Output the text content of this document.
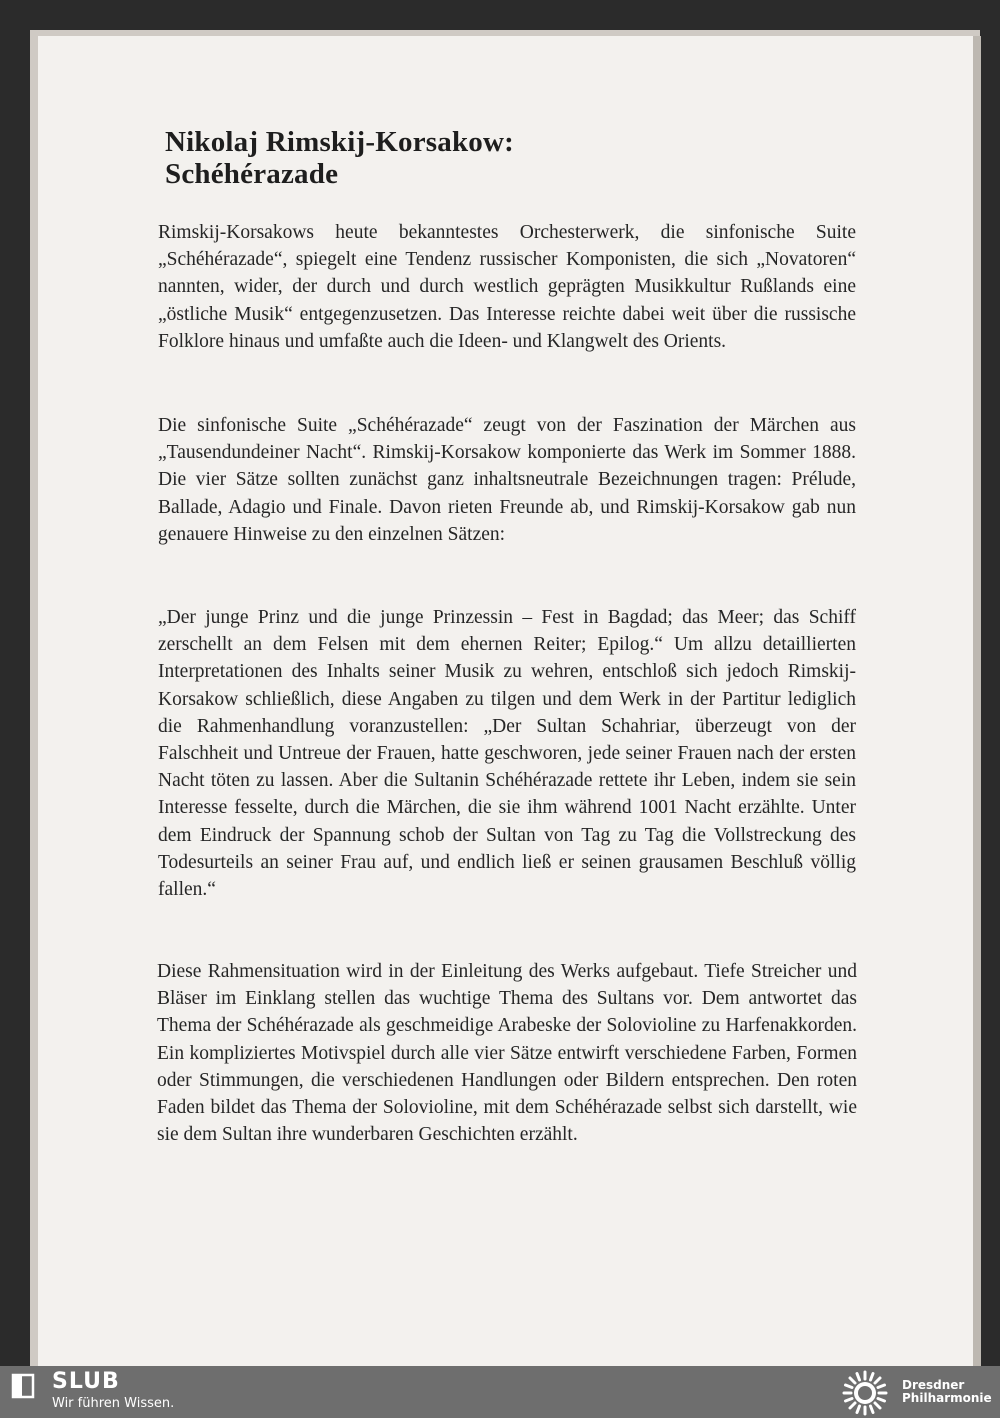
Nikolaj Rimskij-Korsakow:
Schéhérazade

Rimskij-Korsakows heute bekanntestes Orchesterwerk, die sinfonische Suite „Schéhérazade“, spiegelt eine Tendenz russischer Komponisten, die sich „Novatoren“ nannten, wider, der durch und durch westlich geprägten Musikkultur Rußlands eine „östliche Musik“ entgegenzusetzen. Das Interesse reichte dabei weit über die russische Folklore hinaus und umfaßte auch die Ideen- und Klangwelt des Orients.

Die sinfonische Suite „Schéhérazade“ zeugt von der Faszination der Märchen aus „Tausendundeiner Nacht“. Rimskij-Korsakow komponierte das Werk im Sommer 1888. Die vier Sätze sollten zunächst ganz inhaltsneutrale Bezeichnungen tragen: Prélude, Ballade, Adagio und Finale. Davon rieten Freunde ab, und Rimskij-Korsakow gab nun genauere Hinweise zu den einzelnen Sätzen:

„Der junge Prinz und die junge Prinzessin – Fest in Bagdad; das Meer; das Schiff zerschellt an dem Felsen mit dem ehernen Reiter; Epilog.“ Um allzu detaillierten Interpretationen des Inhalts seiner Musik zu wehren, entschloß sich jedoch Rimskij-Korsakow schließlich, diese Angaben zu tilgen und dem Werk in der Partitur lediglich die Rahmenhandlung voranzustellen: „Der Sultan Schahriar, überzeugt von der Falschheit und Untreue der Frauen, hatte geschworen, jede seiner Frauen nach der ersten Nacht töten zu lassen. Aber die Sultanin Schéhérazade rettete ihr Leben, indem sie sein Interesse fesselte, durch die Märchen, die sie ihm während 1001 Nacht erzählte. Unter dem Eindruck der Spannung schob der Sultan von Tag zu Tag die Vollstreckung des Todesurteils an seiner Frau auf, und endlich ließ er seinen grausamen Beschluß völlig fallen.“

Diese Rahmensituation wird in der Einleitung des Werks aufgebaut. Tiefe Streicher und Bläser im Einklang stellen das wuchtige Thema des Sultans vor. Dem antwortet das Thema der Schéhérazade als geschmeidige Arabeske der Solovioline zu Harfenakkorden. Ein kompliziertes Motivspiel durch alle vier Sätze entwirft verschiedene Farben, Formen oder Stimmungen, die verschiedenen Handlungen oder Bildern entsprechen. Den roten Faden bildet das Thema der Solovioline, mit dem Schéhérazade selbst sich darstellt, wie sie dem Sultan ihre wunderbaren Geschichten erzählt.

SLUB
Wir führen Wissen.
Dresdner
Philharmonie
